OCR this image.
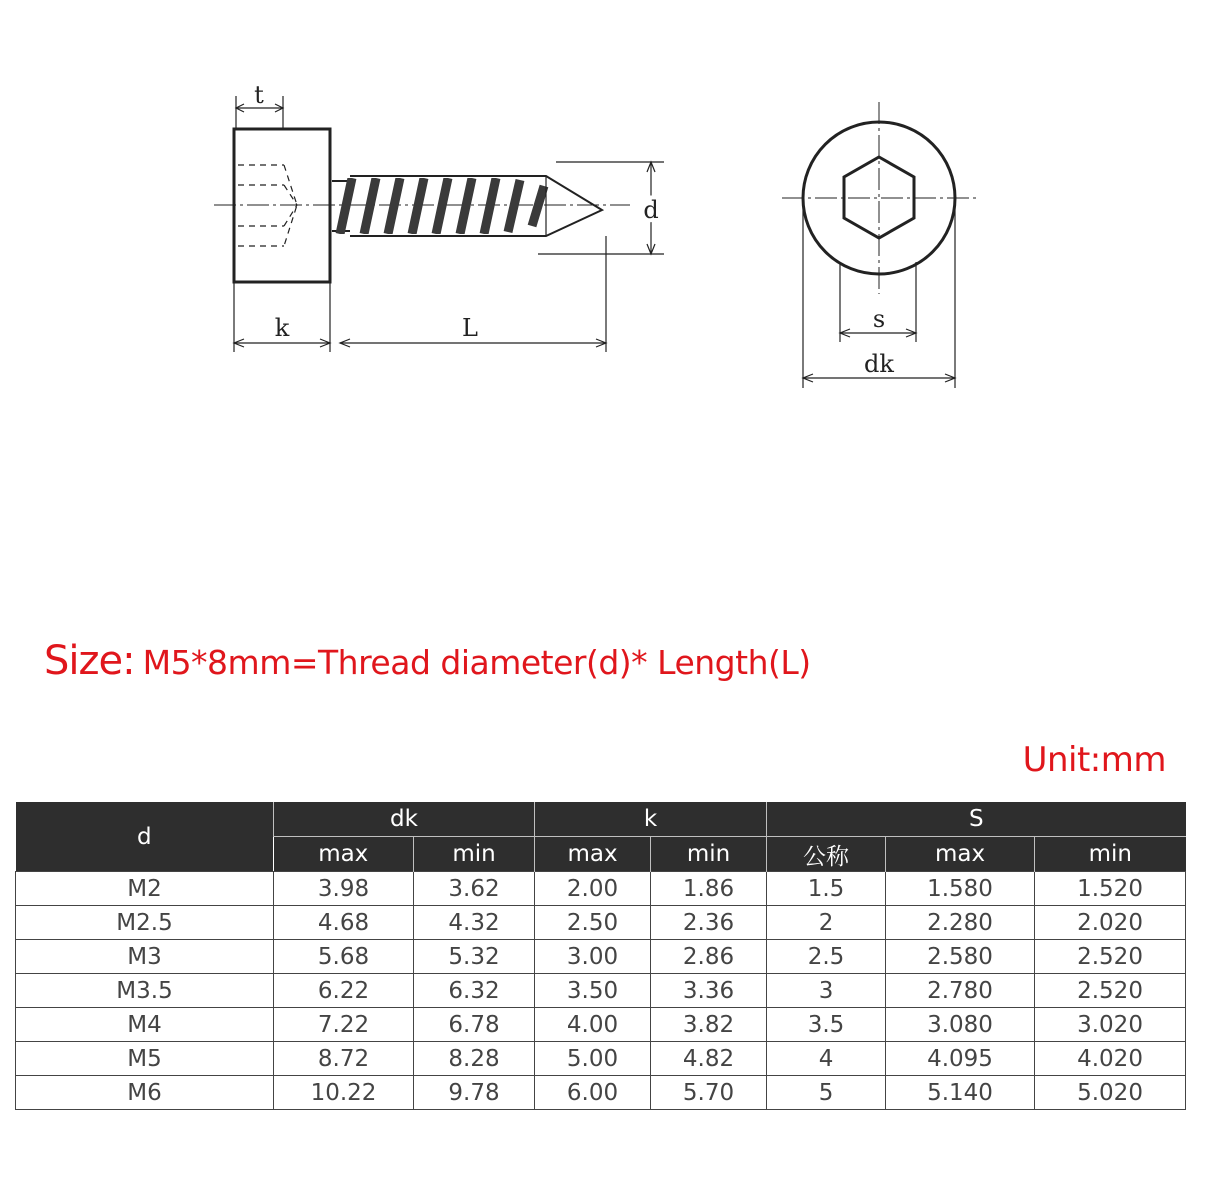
t
k	L
d
s
dk
Size: M5*8mm=Thread diameter(d)* Length(L)
Unit:mm
d	dk		k		S		
	max	min	max	min	公称	max	min
M2	3.98	3.62	2.00	1.86	1.5	1.580	1.520
M2.5	4.68	4.32	2.50	2.36	2	2.280	2.020
M3	5.68	5.32	3.00	2.86	2.5	2.580	2.520
M3.5	6.22	6.32	3.50	3.36	3	2.780	2.520
M4	7.22	6.78	4.00	3.82	3.5	3.080	3.020
M5	8.72	8.28	5.00	4.82	4	4.095	4.020
M6	10.22	9.78	6.00	5.70	5	5.140	5.020
